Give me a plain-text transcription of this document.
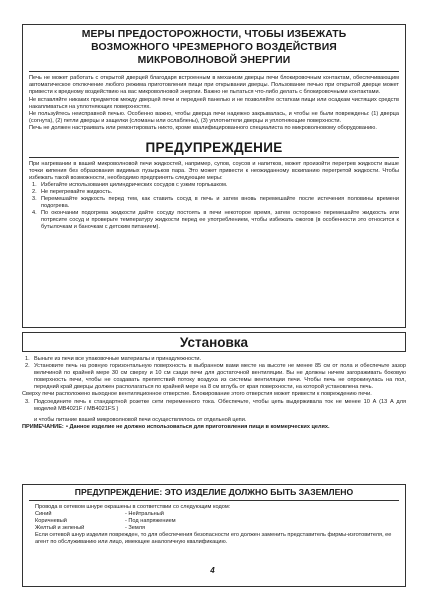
МЕРЫ ПРЕДОСТОРОЖНОСТИ, ЧТОБЫ ИЗБЕЖАТЬ
ВОЗМОЖНОГО ЧРЕЗМЕРНОГО ВОЗДЕЙСТВИЯ
МИКРОВОЛНОВОЙ ЭНЕРГИИ

Печь не может работать с открытой дверцей благодаря встроенным в механизм дверцы печи блокировочным контактам, обеспечивающим автоматическое отключение любого режима приготовления пищи при открывании дверцы. Пользование печью при открытой дверце может привести к вредному воздействию на вас микроволновой энергии. Важно не пытаться что-либо делать с блокировочными контактами.

Не вставляйте никаких предметов между дверцей печи и передней панелью и не позволяйте остаткам пищи или осадкам чистящих средств накапливаться на уплотняющих поверхностях.

Не пользуйтесь неисправной печью. Особенно важно, чтобы дверца печи надежно закрывалась, и чтобы не были повреждены: (1) дверца (согнута), (2) петли дверцы и защелки (сломаны или ослаблены), (3) уплотнители дверцы и уплотняющие поверхности.

Печь не должен настраивать или ремонтировать никто, кроме квалифицированного специалиста по микроволновому оборудованию.

ПРЕДУПРЕЖДЕНИЕ

При нагревании в вашей микроволновой печи жидкостей, например, супов, соусов и напитков, может произойти перегрев жидкости выше точки кипения без образования видимых пузырьков пара. Это может привести к неожиданному вскипанию перегретой жидкости. Чтобы избежать такой возможности, необходимо предпринять следующие меры:

1. Избегайте использования цилиндрических сосудов с узким горлышком.
2. Не перегревайте жидкость.
3. Перемешайте жидкость перед тем, как ставить сосуд в печь и затем вновь перемешайте после истечения половины времени подогрева.
4. По окончании подогрева жидкости дайте сосуду постоять в печи некоторое время, затем осторожно перемешайте жидкость или потрясите сосуд и проверьте температуру жидкости перед ее употреблением, чтобы избежать ожогов (в особенности это относится к бутылочкам и баночкам с детским питанием).
Установка
1. Выньте из печи все упаковочные материалы и принадлежности.
2. Установите печь на ровную горизонтальную поверхность в выбранном вами месте на высоте не менее 85 см от пола и обеспечьте зазор величиной по крайней мере 30 см сверху и 10 см сзади печи для достаточной вентиляции. Вы не должны ничем загораживать боковую поверхность печи, чтобы не создавать препятствий потоку воздуха из системы вентиляции печи. Чтобы печь не опрокинулась на пол, передний край дверцы должен располагаться по крайней мере на 8 см вглубь от края поверхности, на которой установлена печь.

Сверху печи расположено выходное вентиляционное отверстие. Блокирование этого отверстия может привести к повреждению печи.

3. Подсоедините печь к стандартной розетке сети переменного тока. Обеспечьте, чтобы цепь выдерживала ток не менее 10 А (13 А для моделей MB4021F / MB4021FS )

и чтобы питание вашей микроволновой печи осуществлялось от отдельной цепи.

ПРИМЕЧАНИЕ: • Данное изделие не должно использоваться для приготовления пищи в коммерческих целях.
ПРЕДУПРЕЖДЕНИЕ: ЭТО ИЗДЕЛИЕ ДОЛЖНО БЫТЬ ЗАЗЕМЛЕНО

Провода в сетевом шнуре окрашены в соответствии со следующим кодом:

Синий	- Нейтральный
Коричневый	- Под напряжением
Желтый и зеленый	- Земля

Если сетевой шнур изделия поврежден, то для обеспечения безопасности его должен заменить представитель фирмы-изготовителя, ее агент по обслуживанию или лицо, имеющее аналогичную квалификацию.

4
